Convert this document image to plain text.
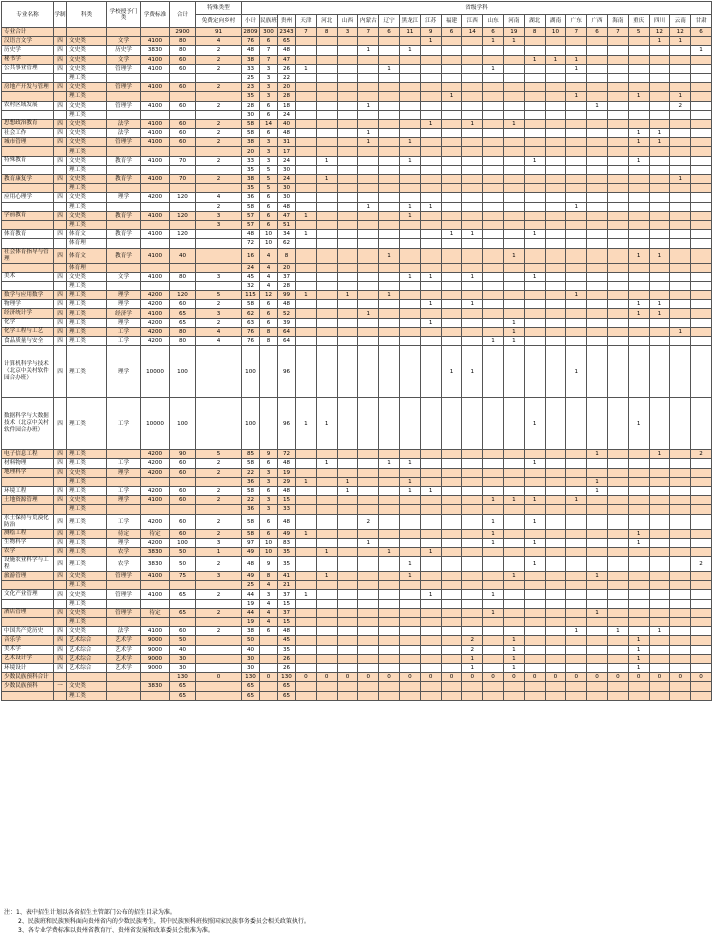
专业名称	学制	科类	学校授予门类	学费标准	合计	特殊类型	省级学科																						
						免费定向乡村	小计	民族班	贵州	天津	河北	山西	内蒙古	辽宁	黑龙江	江苏	福建	江西	山东	河南	湖北	湖南	广东	广西	海南	重庆	四川	云南	甘肃
专业合计					2900	91	2809	300	2343	7	8	3	7	6	11	9	6	14	6	19	8	10	7	6	7	5	12	12	6
汉语言文学	四	文史类	文学	4100	80	4	76	6	65							1			1	1							1	1	
历史学	四	文史类	历史学	3830	80	2	48	7	48				1		1														1
秘书学	四	文史类	文学	4100	60	2	38	7	47												1	1	1						
公共事业管理	四	文史类	管理学	4100	60	2	33	3	26	1				1					1				1						
		理工类					25	3	22																				
房地产开发与管理	四	文史类	管理学	4100	60	2	23	3	20																				
		理工类					35	3	28								1						1			1		1	
农村区域发展	四	文史类	管理学	4100	60	2	28	6	18				1											1				2	
		理工类					30	6	24																				
思想政治教育	四	文史类	法学	4100	60	2	58	14	40							1		1		1									
社会工作	四	文史类	法学	4100	60	2	58	6	48				1													1	1		
城市管理	四	文史类	管理学	4100	60	2	38	3	31				1		1											1	1		
		理工类					20	3	17																				
特殊教育	四	文史类	教育学	4100	70	2	33	3	24		1				1						1					1			
		理工类					35	5	30																				
教育康复学	四	文史类	教育学	4100	70	2	38	5	24		1																	1	
		理工类					35	5	30																				
应用心理学	四	文史类	理学	4200	120	4	36	6	30																				
		理工类				2	58	6	48				1		1	1							1						
学前教育	四	文史类	教育学	4100	120	3	57	6	47	1					1														
		理工类				3	57	6	51																				
体育教育	四	体育文	教育学	4100	120		48	10	34	1							1	1			1								
		体育理					72	10	62																				
社会体育指导与管理	四	体育文	教育学	4100	40		16	4	8					1						1						1	1		
		体育理					24	4	20																				
美术	四	文史类	文学	4100	80	3	45	4	37						1	1		1			1								
		理工类					32	4	28																				
数学与应用数学	四	理工类	理学	4200	120	5	115	12	99	1		1		1									1						
物理学	四	理工类	理学	4200	60	2	58	6	48							1		1								1	1		
经济统计学	四	理工类	经济学	4100	65	3	62	6	52				1													1	1		
化学	四	理工类	理学	4200	65	2	63	6	39							1				1									
化学工程与工艺	四	理工类	工学	4200	80	4	76	8	64											1								1	
食品质量与安全	四	理工类	工学	4200	80	4	76	8	64										1	1									
计算机科学与技术（北京中关村软件园合办班）	四	理工类	理学	10000	100		100		96								1	1					1						
数据科学与大数据技术（北京中关村软件园合办班）	四	理工类	工学	10000	100		100		96	1	1										1					1			
电子信息工程	四	理工类		4200	90	5	85	9	72															1			1		2
材料物理	四	理工类	工学	4200	60	2	58	6	48		1			1	1						1								
地理科学	四	文史类	理学	4200	60	2	22	3	19																				
		理工类					36	3	29	1		1			1									1					
环境工程	四	理工类	工学	4200	60	2	58	6	48			1			1	1								1					
土地资源管理	四	文史类	理学	4100	60	2	22	3	15										1	1	1		1						
		理工类					36	3	33																				
水土保持与荒漠化防治	四	理工类	工学	4200	60	2	58	6	48				2						1		1								
测绘工程	四	理工类	待定	待定	60	2	58	6	49	1									1							1			
生物科学	四	理工类	理学	4200	100	3	97	10	83				1						1		1					1			
农学	四	理工类	农学	3830	50	1	49	10	35		1			1		1													
设施农业科学与工程	四	理工类	农学	3830	50	2	48	9	35						1						1								2
旅游管理	四	文史类	管理学	4100	75	3	49	8	41		1				1					1				1					
		理工类					25	4	21																				
文化产业管理	四	文史类	管理学	4100	65	2	44	3	37	1						1			1										
		理工类					19	4	15																				
酒店管理	四	文史类	管理学	待定	65	2	44	4	37										1					1					
		理工类					19	4	15																				
中国共产党历史	四	文史类	法学	4100	60	2	38	6	48														1		1		1		
音乐学	四	艺术综合	艺术学	9000	50		50		45									2		1						1			
美术学	四	艺术综合	艺术学	9000	40		40		35									2		1						1			
艺术设计学	四	艺术综合	艺术学	9000	30		30		26									1		1						1			
环境设计	四	艺术综合	艺术学	9000	30		30		26									1		1						1			
少数民族预科合计					130	0	130	0	130	0	0	0	0	0	0	0	0	0	0	0	0	0	0	0	0	0	0	0	0
少数民族预科	一	文史类		3830	65		65		65																				
		理工类			65		65		65																				
注：1、表中招生计划以各省招生主管部门公布的招生目录为准。
2、民族班和民族预科面向贵州省内的少数民族考生，其中民族预科班按照国家民族事务委员会相关政策执行。
3、各专业学费标准以贵州省教育厅、贵州省发展和改革委员会批准为准。
